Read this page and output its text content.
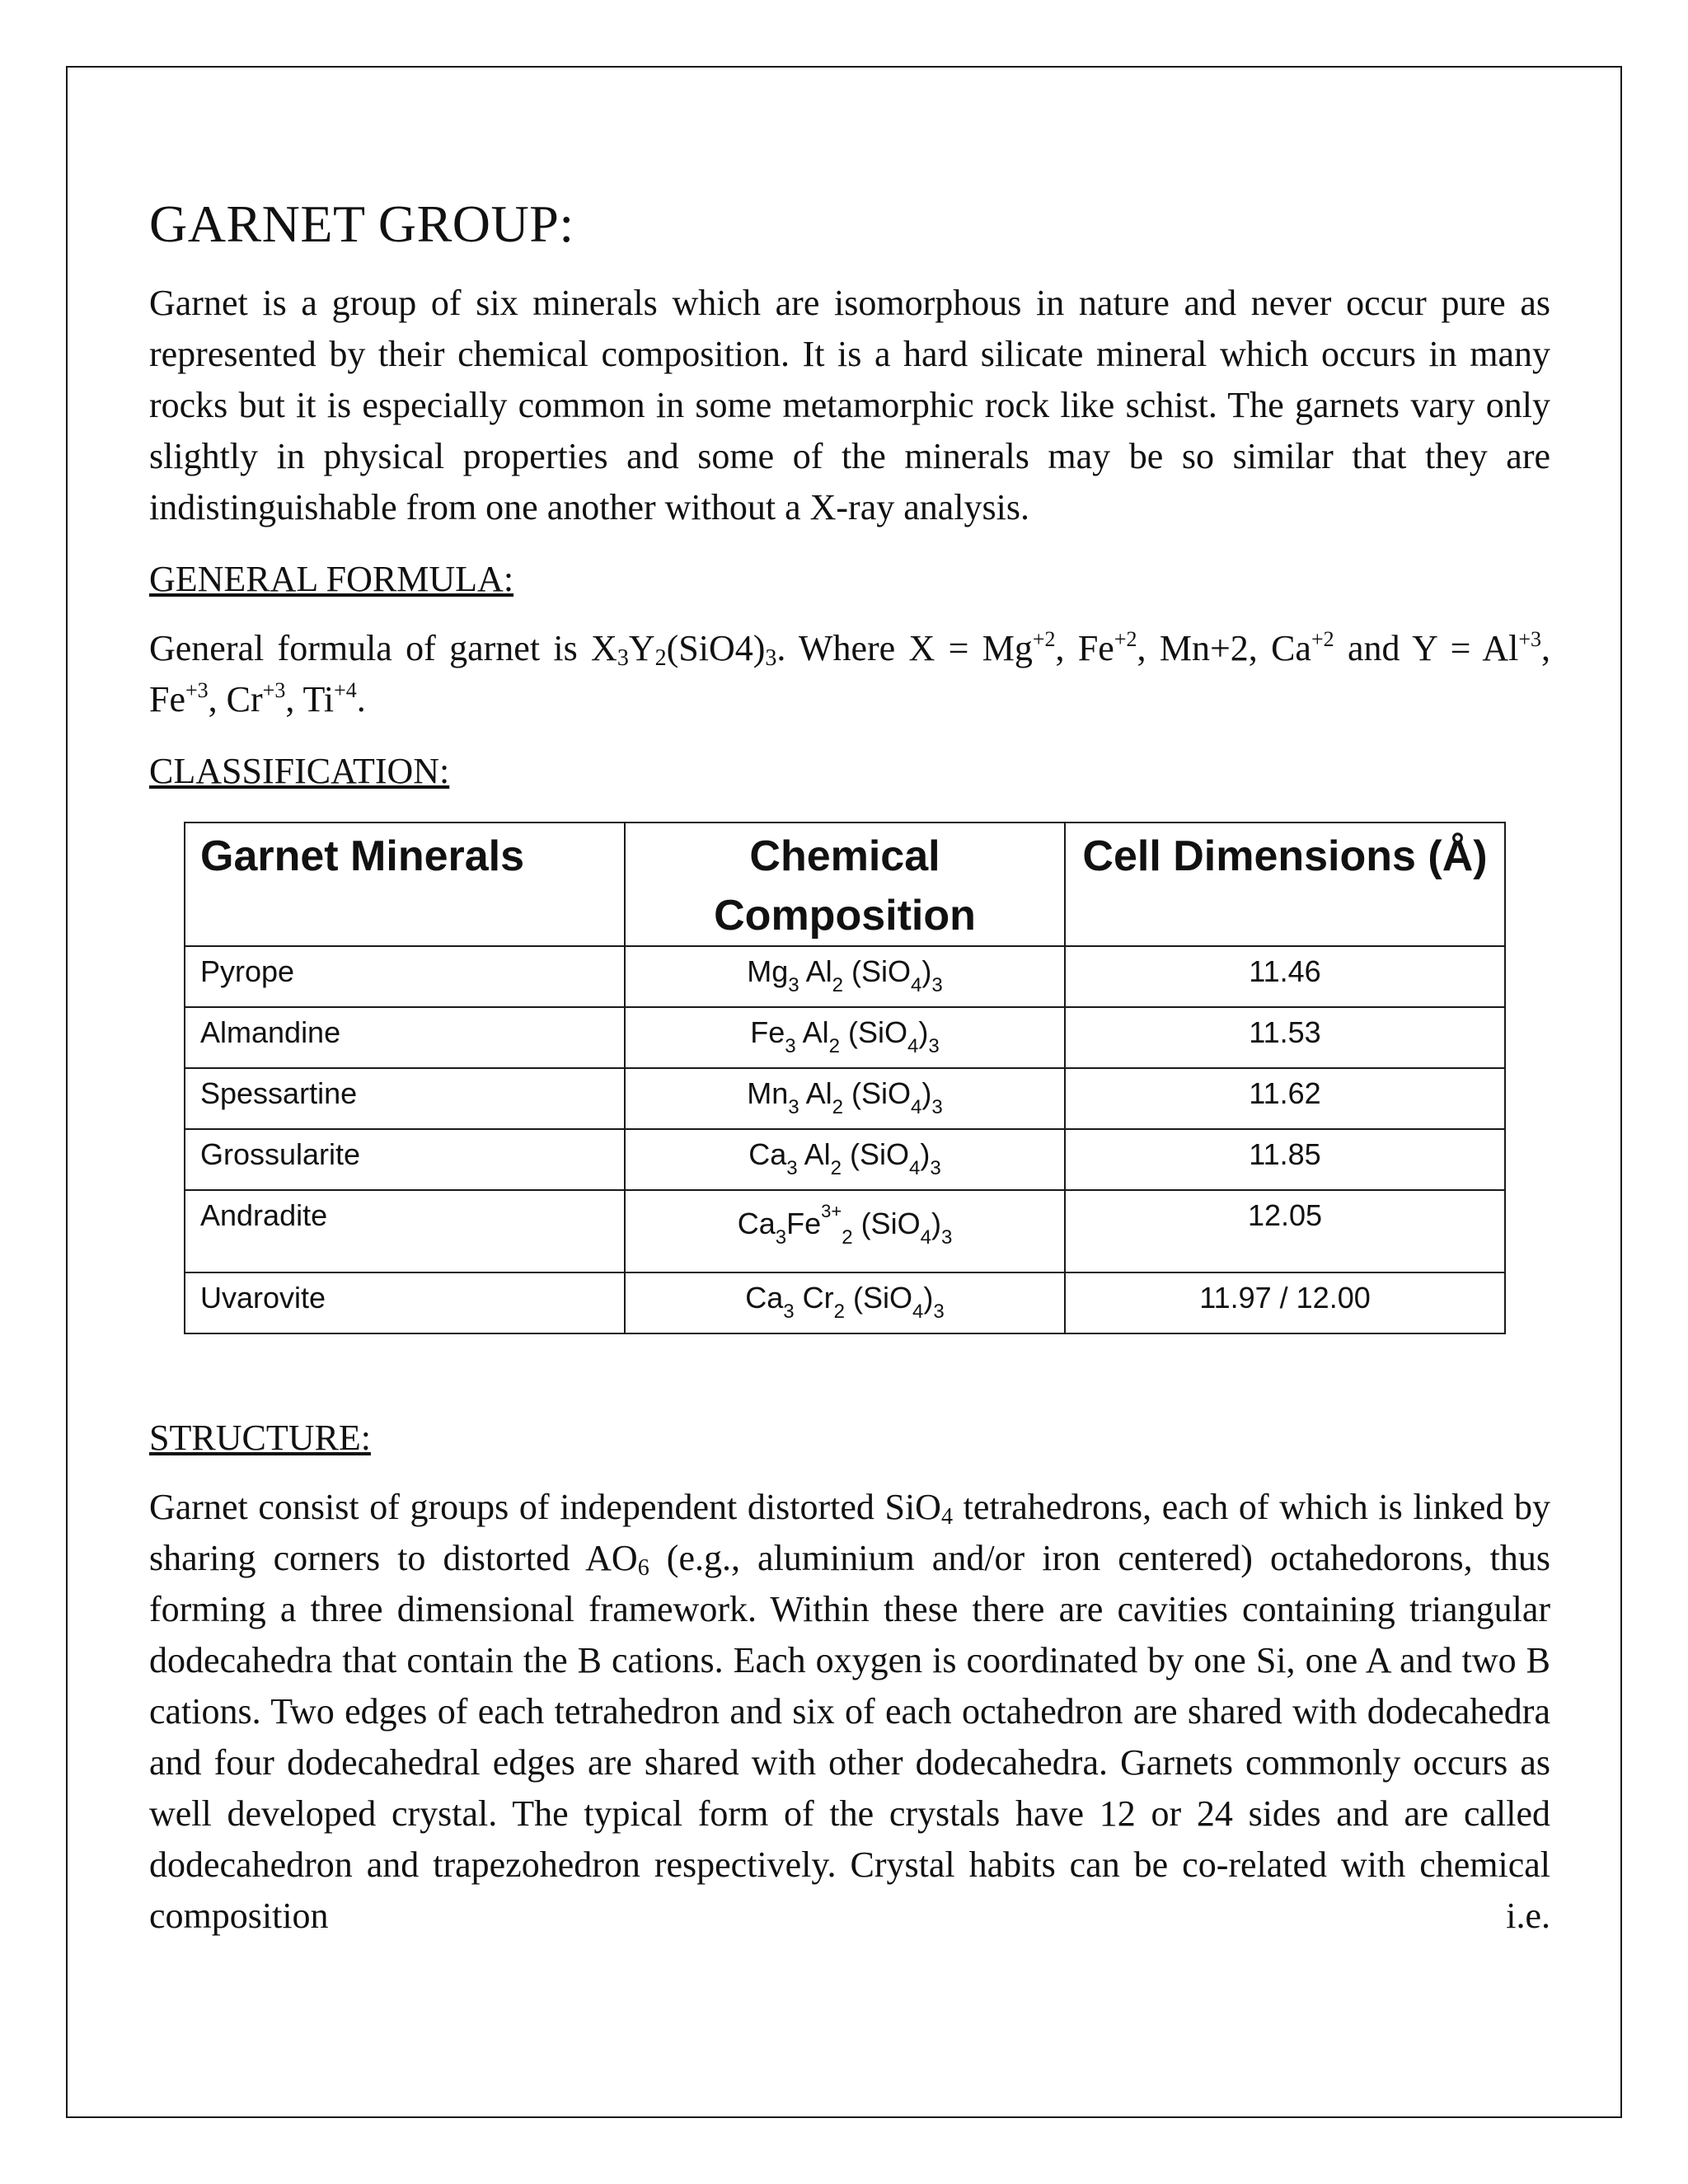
GARNET GROUP:

Garnet is a group of six minerals which are isomorphous in nature and never occur pure as represented by their chemical composition. It is a hard silicate mineral which occurs in many rocks but it is especially common in some metamorphic rock like schist. The garnets vary only slightly in physical properties and some of the minerals may be so similar that they are indistinguishable from one another without a X-ray analysis.

GENERAL FORMULA:

General formula of garnet is $X_3Y_2(SiO4)_3$. Where $X = Mg^{+2}$, $Fe^{+2}$, Mn+2, $Ca^{+2}$ and $Y = Al^{+3}$, $Fe^{+3}$, $Cr^{+3}$, $Ti^{+4}$.

CLASSIFICATION:
Garnet Minerals	Chemical Composition	Cell Dimensions (Å)
Pyrope	$Mg_3$ $Al_2$ $(SiO_4)_3$	11.46
Almandine	$Fe_3$ $Al_2$ $(SiO_4)_3$	11.53
Spessartine	$Mn_3$ $Al_2$ $(SiO_4)_3$	11.62
Grossularite	$Ca_3$ $Al_2$ $(SiO_4)_3$	11.85
Andradite	$Ca_3Fe^{3+}_2$ $(SiO_4)_3$	12.05
Uvarovite	$Ca_3$ $Cr_2$ $(SiO_4)_3$	11.97 / 12.00
STRUCTURE:

Garnet consist of groups of independent distorted SiO$_4$ tetrahedrons, each of which is linked by sharing corners to distorted $AO_6$ (e.g., aluminium and/or iron centered) octahedorons, thus forming a three dimensional framework. Within these there are cavities containing triangular dodecahedra that contain the B cations. Each oxygen is coordinated by one Si, one A and two B cations. Two edges of each tetrahedron and six of each octahedron are shared with dodecahedra and four dodecahedral edges are shared with other dodecahedra. Garnets commonly occurs as well developed crystal. The typical form of the crystals have 12 or 24 sides and are called dodecahedron and trapezohedron respectively. Crystal habits can be co-related with chemical composition i.e.
